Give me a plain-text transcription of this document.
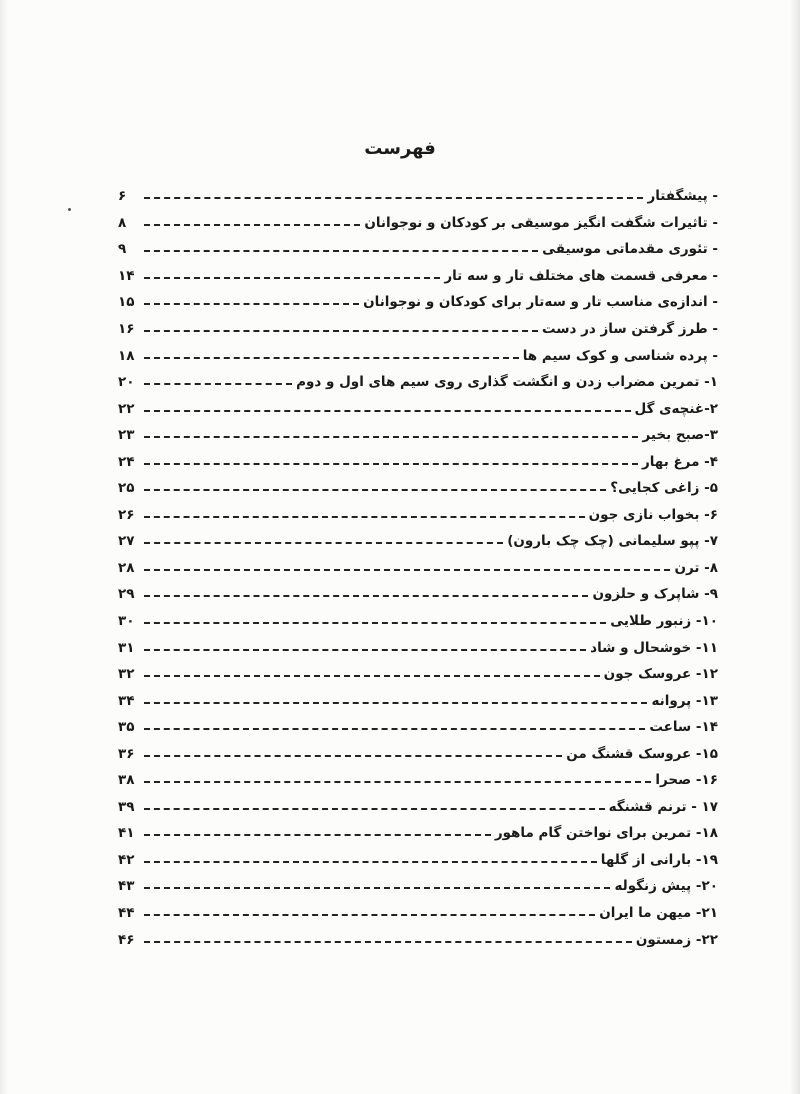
فهرست
- پیشگفتار
۶
- تاثیرات شگفت انگیز موسیقی بر کودکان و نوجوانان
۸
- تئوری مقدماتی موسیقی
۹
- معرفی قسمت های مختلف تار و سه تار
۱۴
- اندازه‌ی مناسب تار و سه‌تار برای کودکان و نوجوانان
۱۵
- طرز گرفتن ساز در دست
۱۶
- پرده شناسی و کوک سیم ها
۱۸
۱- تمرین مضراب زدن و انگشت گذاری روی سیم های اول و دوم
۲۰
۲-غنچه‌ی گل
۲۲
۳-صبح بخیر
۲۳
۴- مرغ بهار
۲۴
۵- زاغی کجایی؟
۲۵
۶- بخواب نازی جون
۲۶
۷- پپو سلیمانی (چک چک بارون)
۲۷
۸- ترن
۲۸
۹- شاپرک و حلزون
۲۹
۱۰- زنبور طلایی
۳۰
۱۱- خوشحال و شاد
۳۱
۱۲- عروسک جون
۳۲
۱۳- پروانه
۳۴
۱۴- ساعت
۳۵
۱۵- عروسک قشنگ من
۳۶
۱۶- صحرا
۳۸
۱۷ - ترنم قشنگه
۳۹
۱۸- تمرین برای نواختن گام ماهور
۴۱
۱۹- بارانی از گلها
۴۲
۲۰- پیش زنگوله
۴۳
۲۱- میهن ما ایران
۴۴
۲۲- زمستون
۴۶
